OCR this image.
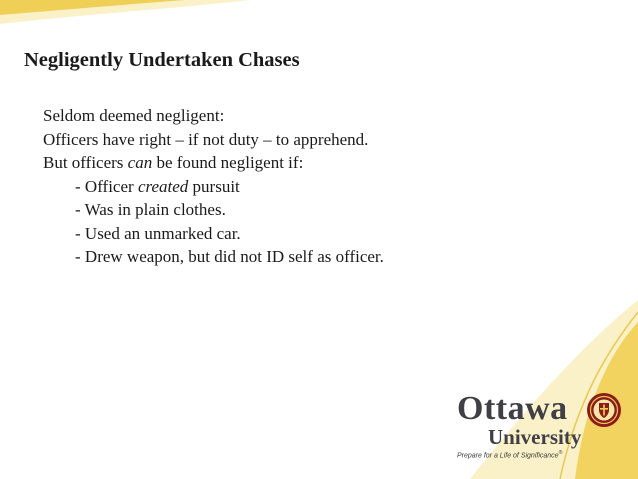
Negligently Undertaken Chases
Seldom deemed negligent:
Officers have right – if not duty – to apprehend.
But officers can be found negligent if:
- Officer created pursuit
- Was in plain clothes.
- Used an unmarked car.
- Drew weapon, but did not ID self as officer.
Ottawa
University
Prepare for a Life of Significance®
